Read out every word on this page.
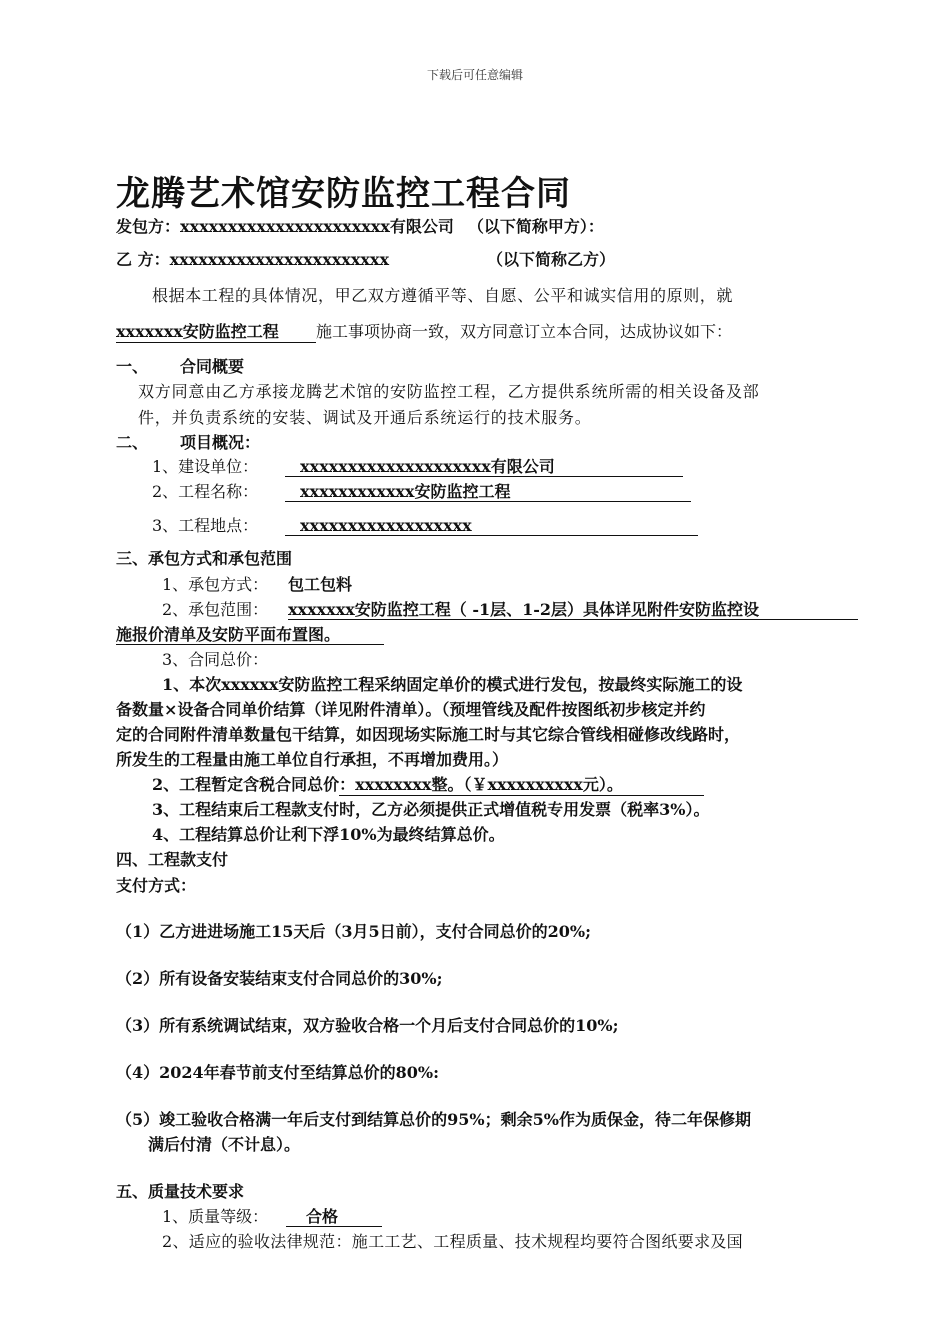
下载后可任意编辑
龙腾艺术馆安防监控工程合同
发包方：xxxxxxxxxxxxxxxxxxxxxx有限公司 （以下简称甲方）：
乙 方：xxxxxxxxxxxxxxxxxxxxxxx	（以下简称乙方）
根据本工程的具体情况，甲乙双方遵循平等、自愿、公平和诚实信用的原则，就
xxxxxxx安防监控工程 施工事项协商一致，双方同意订立本合同，达成协议如下：
一、 合同概要
双方同意由乙方承接龙腾艺术馆的安防监控工程，乙方提供系统所需的相关设备及部
件，并负责系统的安装、调试及开通后系统运行的技术服务。
二、 项目概况：
1、建设单位：	xxxxxxxxxxxxxxxxxxxx有限公司
2、工程名称：	xxxxxxxxxxxx安防监控工程
3、工程地点：	xxxxxxxxxxxxxxxxxx
三、承包方式和承包范围
1、承包方式： 包工包料
2、承包范围： xxxxxxx安防监控工程（ -1层、1-2层）具体详见附件安防监控设
施报价清单及安防平面布置图。
3、合同总价：
1、本次xxxxxx安防监控工程采纳固定单价的模式进行发包，按最终实际施工的设
备数量×设备合同单价结算（详见附件清单）。（预埋管线及配件按图纸初步核定并约
定的合同附件清单数量包干结算，如因现场实际施工时与其它综合管线相碰修改线路时，
所发生的工程量由施工单位自行承担，不再增加费用。）
2、工程暂定含税合同总价：xxxxxxxx整。（￥xxxxxxxxxx元）。
3、工程结束后工程款支付时，乙方必须提供正式增值税专用发票（税率3%）。
4、工程结算总价让利下浮10%为最终结算总价。
四、工程款支付
支付方式：
（1）乙方进进场施工15天后（3月5日前），支付合同总价的20%;
（2）所有设备安装结束支付合同总价的30%;
（3）所有系统调试结束，双方验收合格一个月后支付合同总价的10%;
（4）2024年春节前支付至结算总价的80%:
（5）竣工验收合格满一年后支付到结算总价的95%；剩余5%作为质保金，待二年保修期
满后付清（不计息）。
五、质量技术要求
1、质量等级： 合格
2、适应的验收法律规范：施工工艺、工程质量、技术规程均要符合图纸要求及国
